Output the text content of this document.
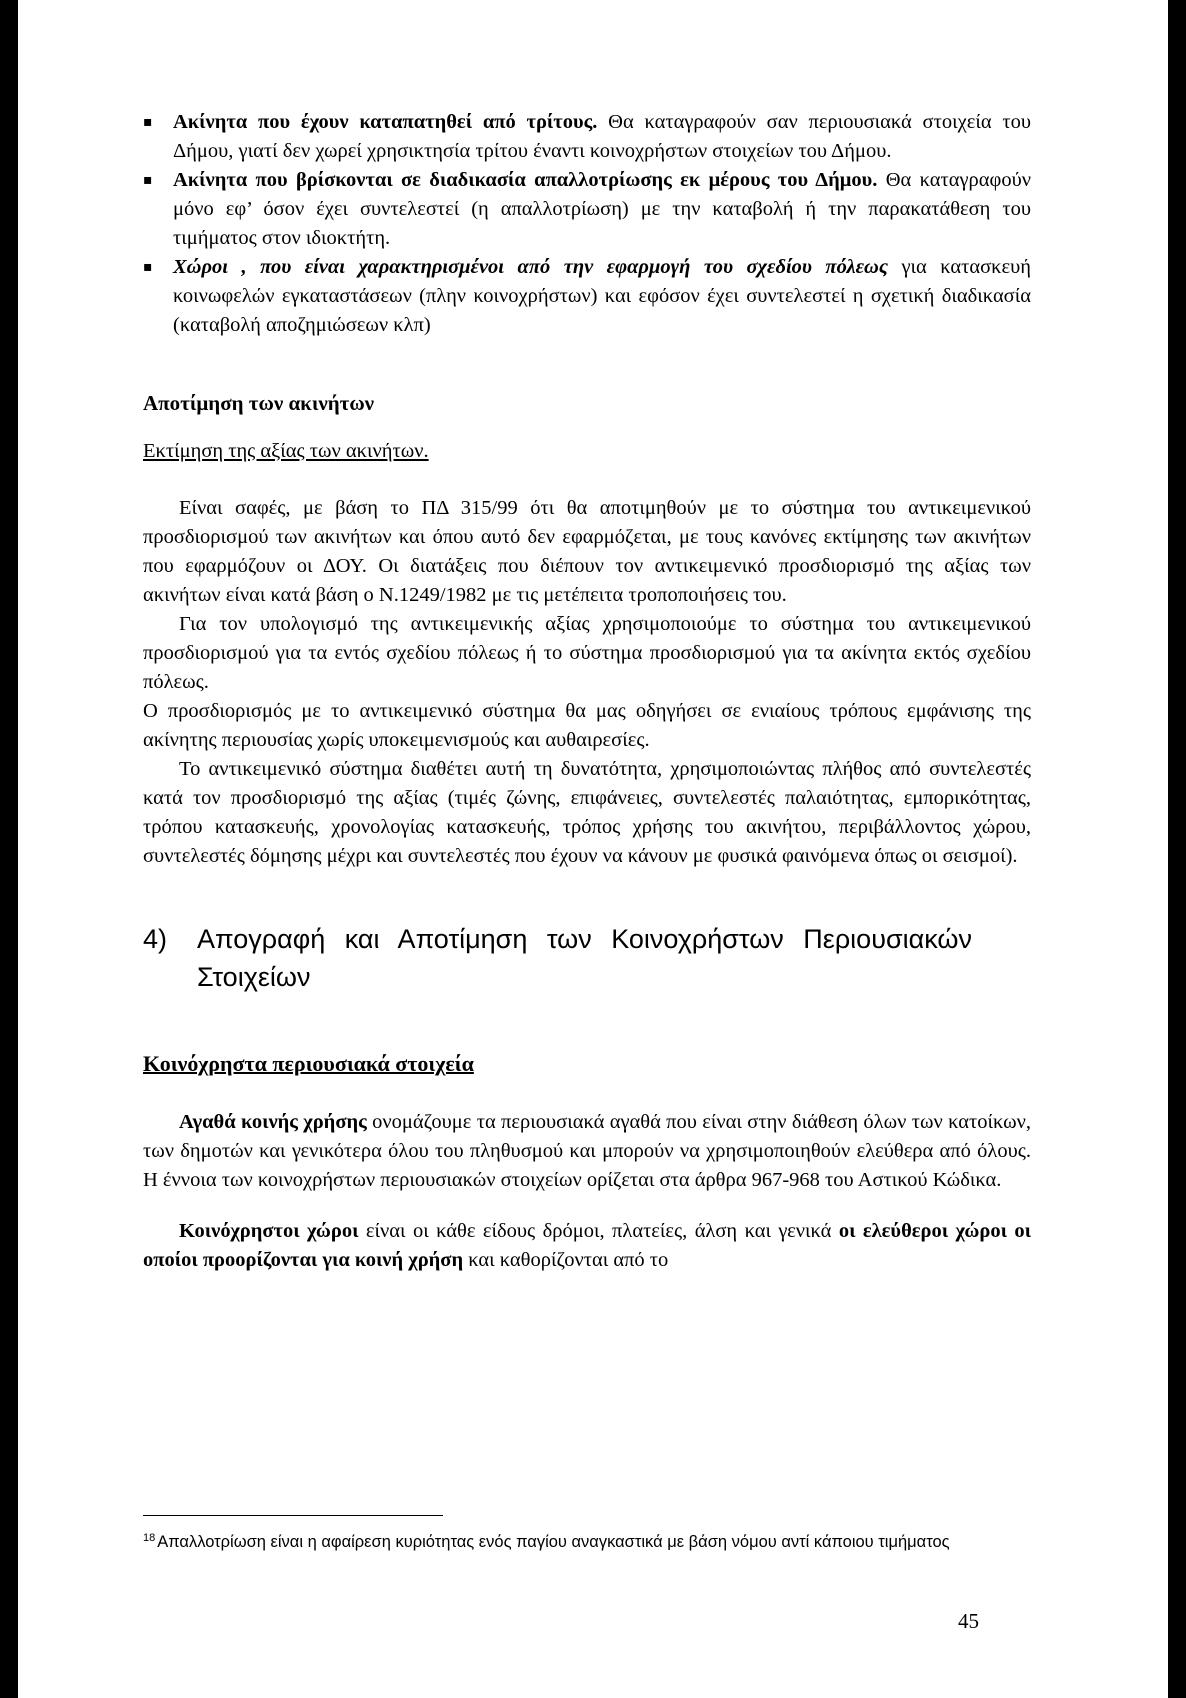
▪ Ακίνητα που έχουν καταπατηθεί από τρίτους. Θα καταγραφούν σαν περιουσιακά στοιχεία του Δήμου, γιατί δεν χωρεί χρησικτησία τρίτου έναντι κοινοχρήστων στοιχείων του Δήμου.
▪ Ακίνητα που βρίσκονται σε διαδικασία απαλλοτρίωσης εκ μέρους του Δήμου. Θα καταγραφούν μόνο εφ’ όσον έχει συντελεστεί (η απαλλοτρίωση) με την καταβολή ή την παρακατάθεση του τιμήματος στον ιδιοκτήτη.
▪ Χώροι , που είναι χαρακτηρισμένοι από την εφαρμογή του σχεδίου πόλεως για κατασκευή κοινωφελών εγκαταστάσεων (πλην κοινοχρήστων) και εφόσον έχει συντελεστεί η σχετική διαδικασία (καταβολή αποζημιώσεων κλπ)
Αποτίμηση των ακινήτων
Εκτίμηση της αξίας των ακινήτων.

Είναι σαφές, με βάση το ΠΔ 315/99 ότι θα αποτιμηθούν με το σύστημα του αντικειμενικού προσδιορισμού των ακινήτων και όπου αυτό δεν εφαρμόζεται, με τους κανόνες εκτίμησης των ακινήτων που εφαρμόζουν οι ΔΟΥ. Οι διατάξεις που διέπουν τον αντικειμενικό προσδιορισμό της αξίας των ακινήτων είναι κατά βάση ο Ν.1249/1982 με τις μετέπειτα τροποποιήσεις του.

Για τον υπολογισμό της αντικειμενικής αξίας χρησιμοποιούμε το σύστημα του αντικειμενικού προσδιορισμού για τα εντός σχεδίου πόλεως ή το σύστημα προσδιορισμού για τα ακίνητα εκτός σχεδίου πόλεως.

Ο προσδιορισμός με το αντικειμενικό σύστημα θα μας οδηγήσει σε ενιαίους τρόπους εμφάνισης της ακίνητης περιουσίας χωρίς υποκειμενισμούς και αυθαιρεσίες.

Το αντικειμενικό σύστημα διαθέτει αυτή τη δυνατότητα, χρησιμοποιώντας πλήθος από συντελεστές κατά τον προσδιορισμό της αξίας (τιμές ζώνης, επιφάνειες, συντελεστές παλαιότητας, εμπορικότητας, τρόπου κατασκευής, χρονολογίας κατασκευής, τρόπος χρήσης του ακινήτου, περιβάλλοντος χώρου, συντελεστές δόμησης μέχρι και συντελεστές που έχουν να κάνουν με φυσικά φαινόμενα όπως οι σεισμοί).

4)	Απογραφή και Αποτίμηση των Κοινοχρήστων Περιουσιακών Στοιχείων
Κοινόχρηστα περιουσιακά στοιχεία

Αγαθά κοινής χρήσης ονομάζουμε τα περιουσιακά αγαθά που είναι στην διάθεση όλων των κατοίκων, των δημοτών και γενικότερα όλου του πληθυσμού και μπορούν να χρησιμοποιηθούν ελεύθερα από όλους. Η έννοια των κοινοχρήστων περιουσιακών στοιχείων ορίζεται στα άρθρα 967-968 του Αστικού Κώδικα.

Κοινόχρηστοι χώροι είναι οι κάθε είδους δρόμοι, πλατείες, άλση και γενικά οι ελεύθεροι χώροι οι οποίοι προορίζονται για κοινή χρήση και καθορίζονται από το

$^{18}$ Απαλλοτρίωση είναι η αφαίρεση κυριότητας ενός παγίου αναγκαστικά με βάση νόμου αντί κάποιου τιμήματος
45
